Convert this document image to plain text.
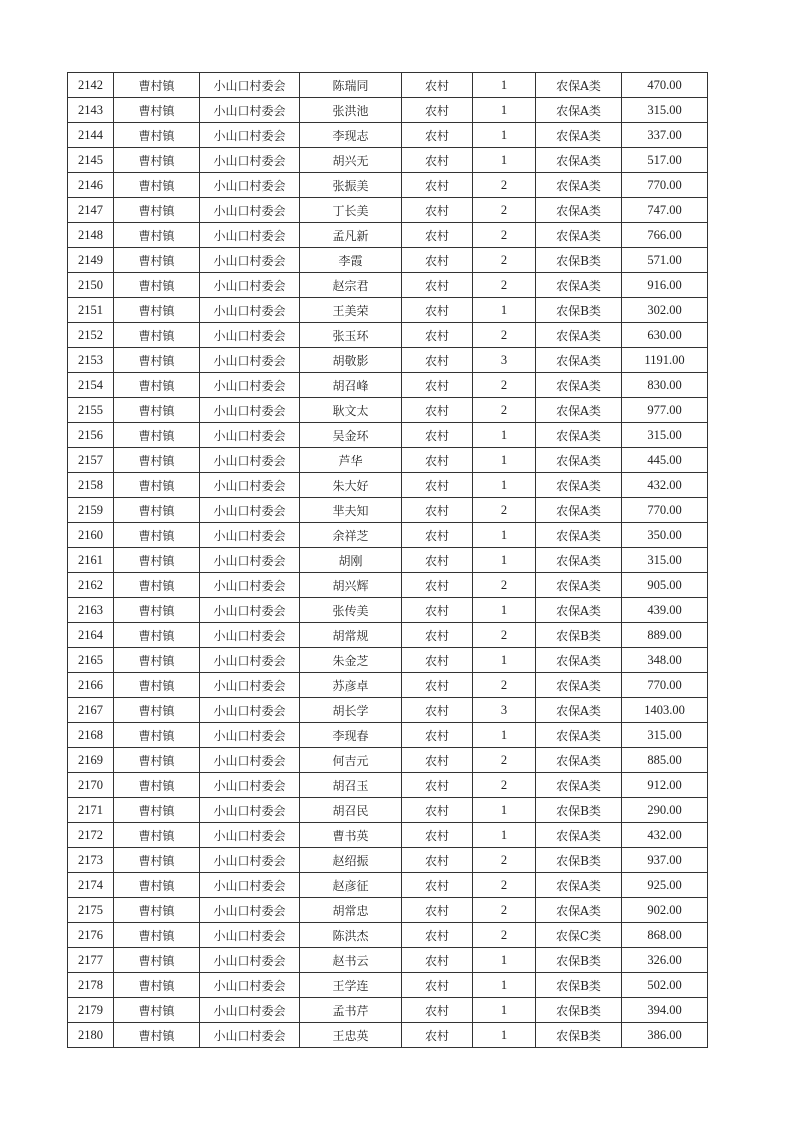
2142	曹村镇	小山口村委会	陈瑞同	农村	1	农保A类	470.00
2143	曹村镇	小山口村委会	张洪池	农村	1	农保A类	315.00
2144	曹村镇	小山口村委会	李现志	农村	1	农保A类	337.00
2145	曹村镇	小山口村委会	胡兴无	农村	1	农保A类	517.00
2146	曹村镇	小山口村委会	张振美	农村	2	农保A类	770.00
2147	曹村镇	小山口村委会	丁长美	农村	2	农保A类	747.00
2148	曹村镇	小山口村委会	孟凡新	农村	2	农保A类	766.00
2149	曹村镇	小山口村委会	李霞	农村	2	农保B类	571.00
2150	曹村镇	小山口村委会	赵宗君	农村	2	农保A类	916.00
2151	曹村镇	小山口村委会	王美荣	农村	1	农保B类	302.00
2152	曹村镇	小山口村委会	张玉环	农村	2	农保A类	630.00
2153	曹村镇	小山口村委会	胡敬影	农村	3	农保A类	1191.00
2154	曹村镇	小山口村委会	胡召峰	农村	2	农保A类	830.00
2155	曹村镇	小山口村委会	耿文太	农村	2	农保A类	977.00
2156	曹村镇	小山口村委会	吴金环	农村	1	农保A类	315.00
2157	曹村镇	小山口村委会	芦华	农村	1	农保A类	445.00
2158	曹村镇	小山口村委会	朱大好	农村	1	农保A类	432.00
2159	曹村镇	小山口村委会	芈夫知	农村	2	农保A类	770.00
2160	曹村镇	小山口村委会	余祥芝	农村	1	农保A类	350.00
2161	曹村镇	小山口村委会	胡刚	农村	1	农保A类	315.00
2162	曹村镇	小山口村委会	胡兴辉	农村	2	农保A类	905.00
2163	曹村镇	小山口村委会	张传美	农村	1	农保A类	439.00
2164	曹村镇	小山口村委会	胡常规	农村	2	农保B类	889.00
2165	曹村镇	小山口村委会	朱金芝	农村	1	农保A类	348.00
2166	曹村镇	小山口村委会	苏彦卓	农村	2	农保A类	770.00
2167	曹村镇	小山口村委会	胡长学	农村	3	农保A类	1403.00
2168	曹村镇	小山口村委会	李现春	农村	1	农保A类	315.00
2169	曹村镇	小山口村委会	何吉元	农村	2	农保A类	885.00
2170	曹村镇	小山口村委会	胡召玉	农村	2	农保A类	912.00
2171	曹村镇	小山口村委会	胡召民	农村	1	农保B类	290.00
2172	曹村镇	小山口村委会	曹书英	农村	1	农保A类	432.00
2173	曹村镇	小山口村委会	赵绍振	农村	2	农保B类	937.00
2174	曹村镇	小山口村委会	赵彦征	农村	2	农保A类	925.00
2175	曹村镇	小山口村委会	胡常忠	农村	2	农保A类	902.00
2176	曹村镇	小山口村委会	陈洪杰	农村	2	农保C类	868.00
2177	曹村镇	小山口村委会	赵书云	农村	1	农保B类	326.00
2178	曹村镇	小山口村委会	王学连	农村	1	农保B类	502.00
2179	曹村镇	小山口村委会	孟书芹	农村	1	农保B类	394.00
2180	曹村镇	小山口村委会	王忠英	农村	1	农保B类	386.00
